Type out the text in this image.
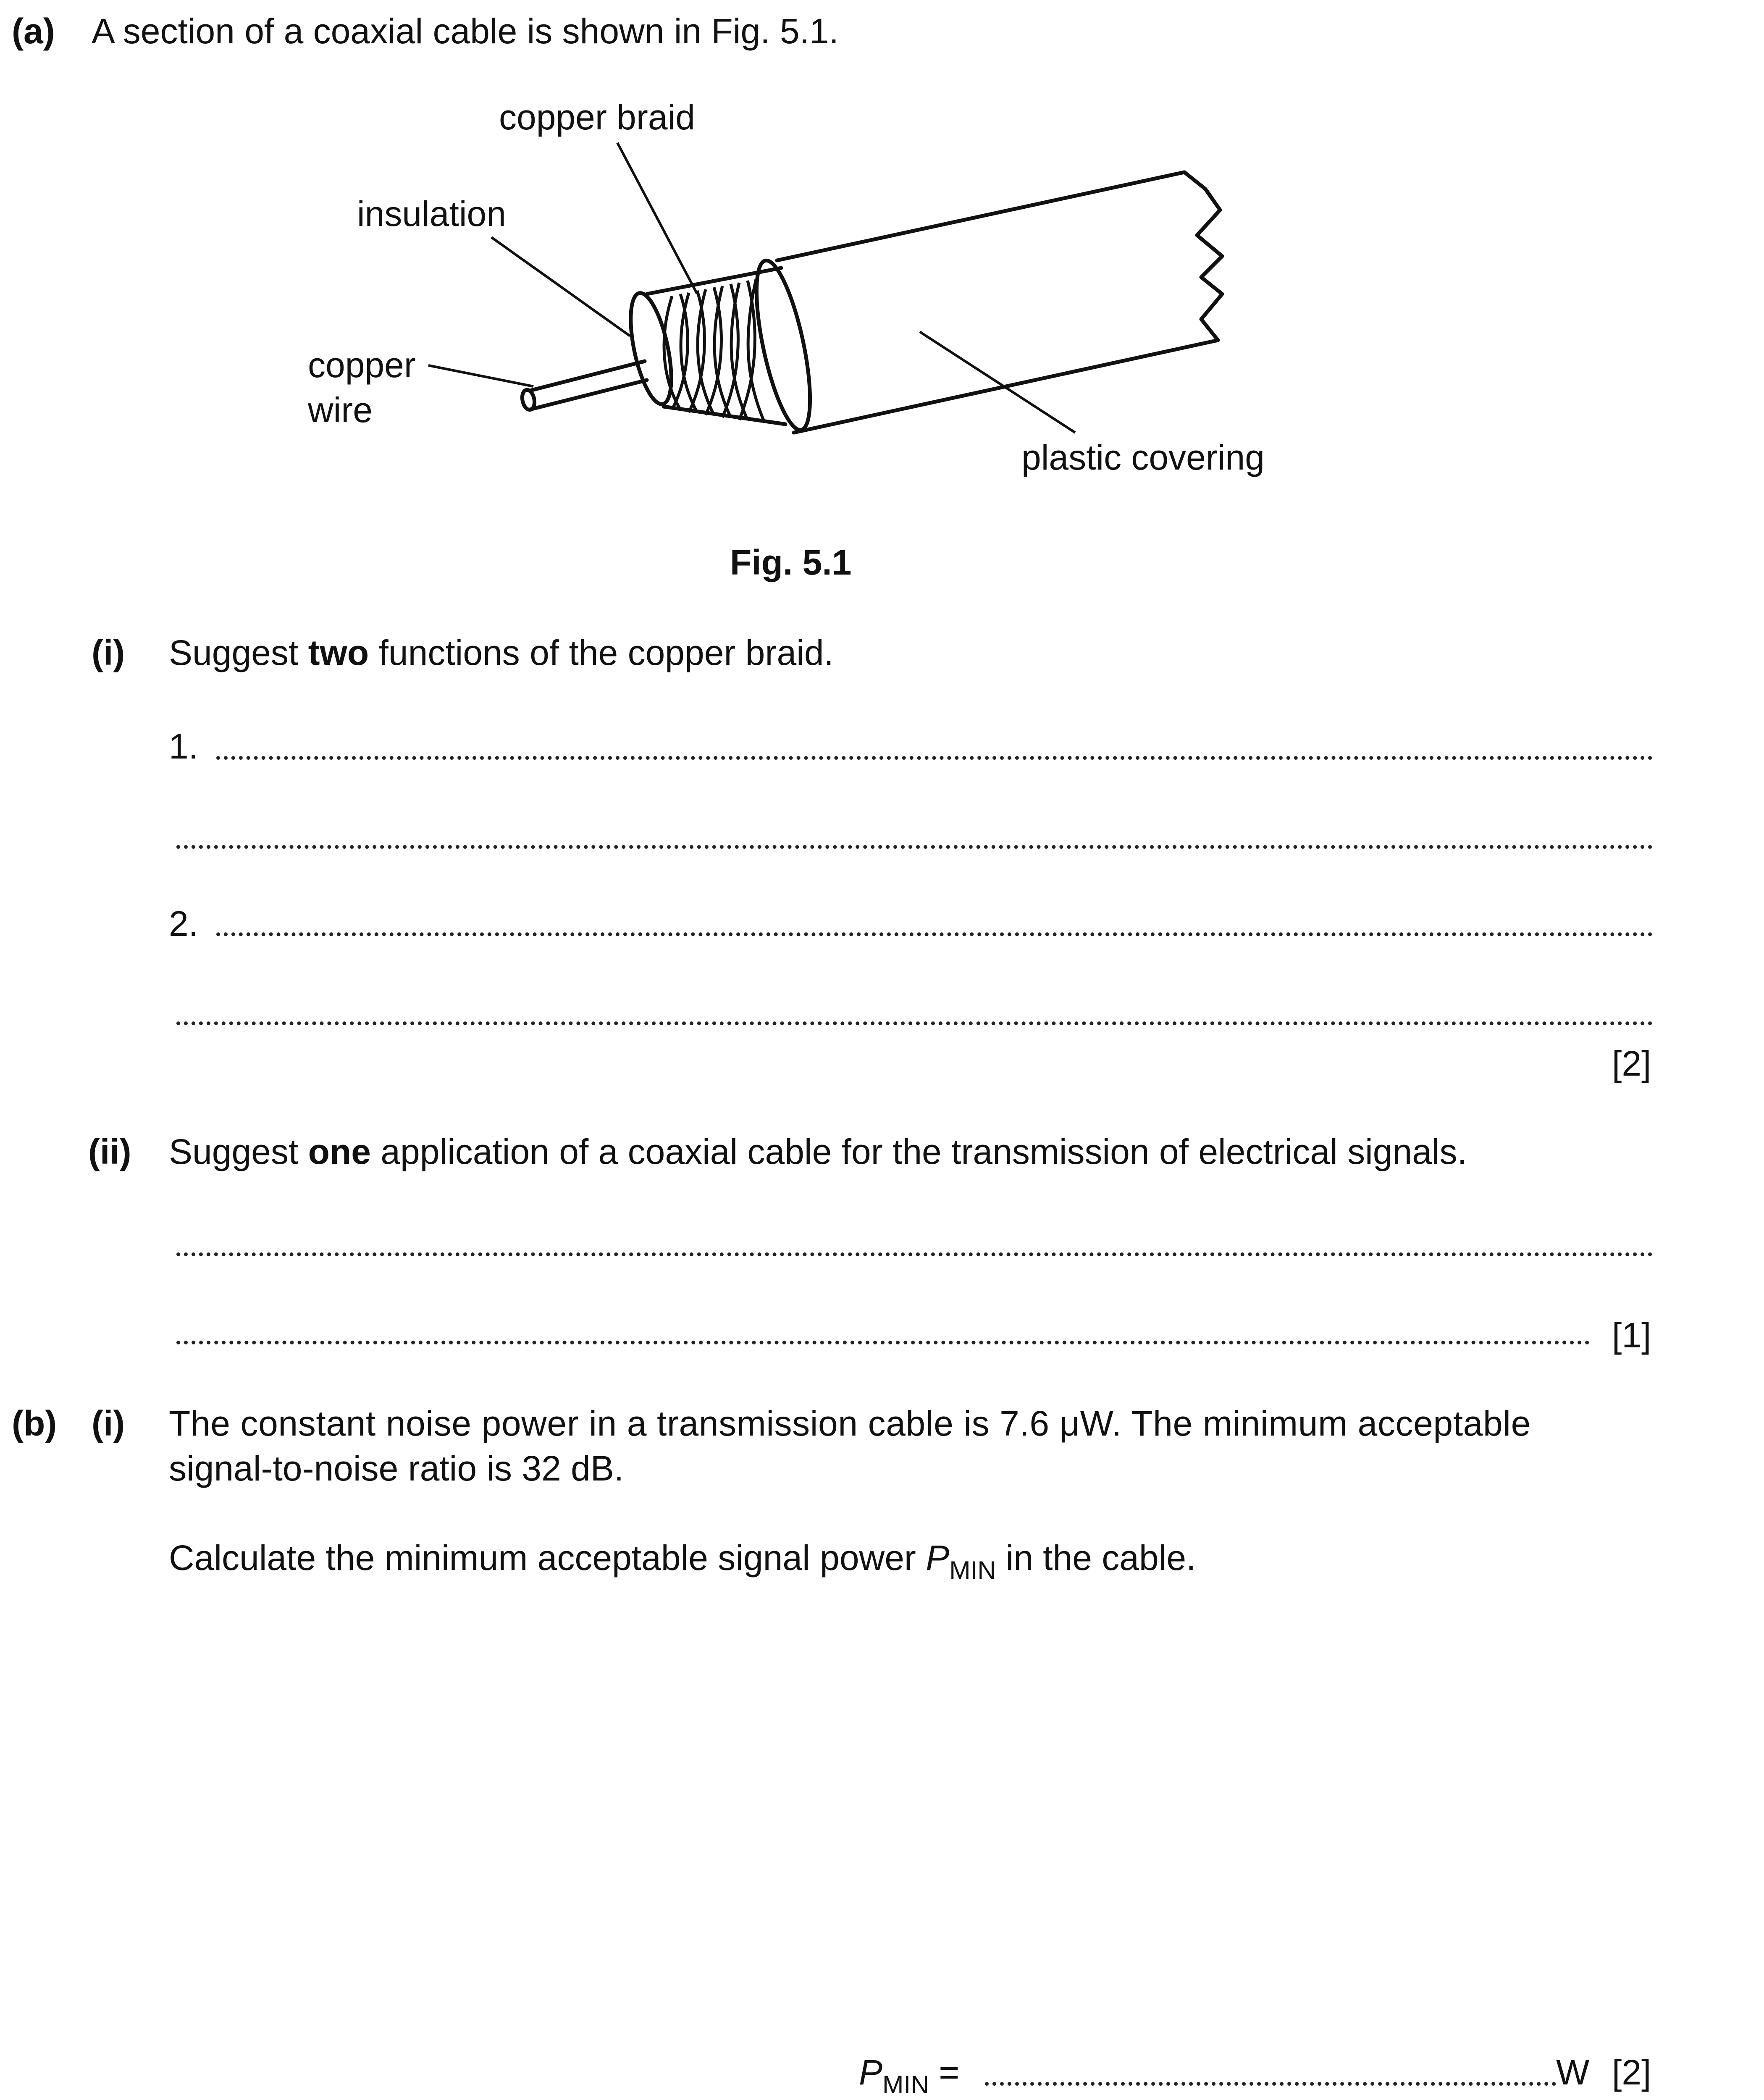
(a) A section of a coaxial cable is shown in Fig. 5.1.
copper braid
insulation
copper
wire
plastic covering
Fig. 5.1
(i) Suggest two functions of the copper braid.
1.
2.
[2]
(ii) Suggest one application of a coaxial cable for the transmission of electrical signals.
[1]
(b) (i) The constant noise power in a transmission cable is 7.6 μW. The minimum acceptable
signal-to-noise ratio is 32 dB.
Calculate the minimum acceptable signal power $P_{MIN}$ in the cable.
$P_{MIN}$ =	W [2]
